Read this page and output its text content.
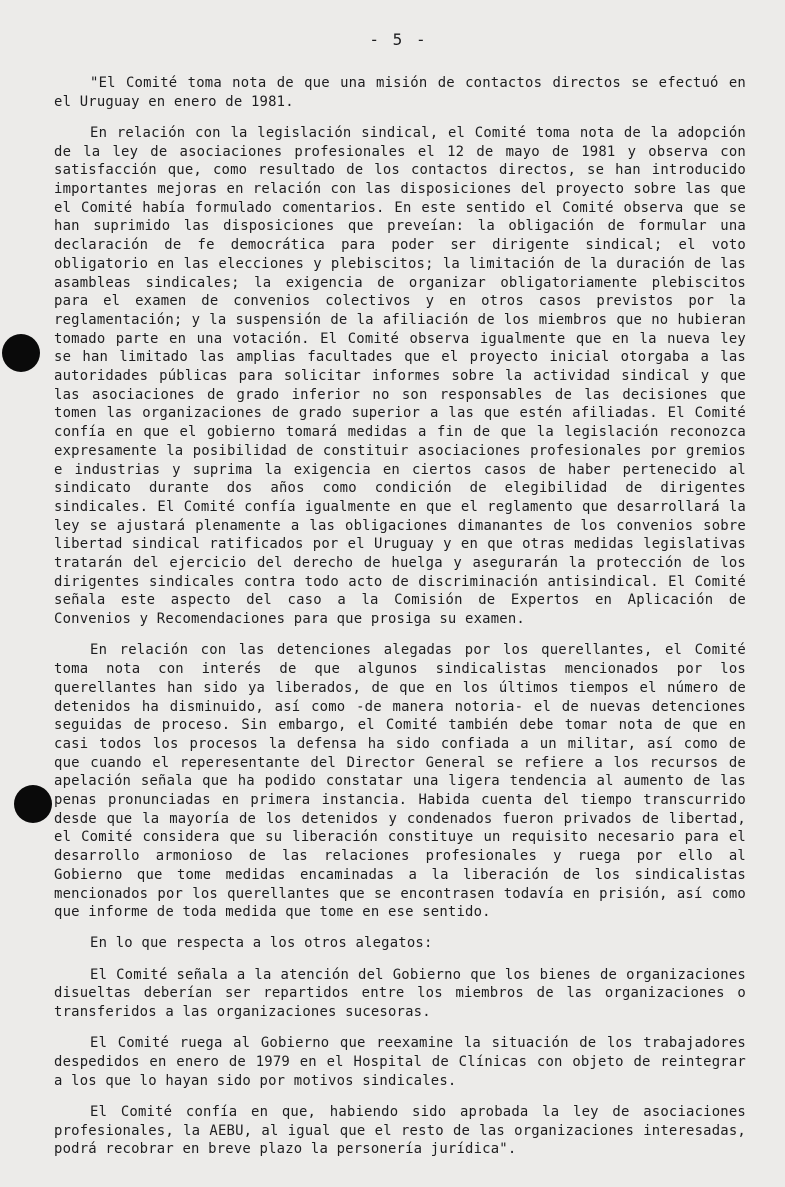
- 5 -

"El Comité toma nota de que una misión de contactos directos se efectuó en el Uruguay en enero de 1981.

En relación con la legislación sindical, el Comité toma nota de la adopción de la ley de asociaciones profesionales el 12 de mayo de 1981 y observa con satisfacción que, como resultado de los contactos directos, se han introducido importantes mejoras en relación con las disposiciones del proyecto sobre las que el Comité había formulado comentarios. En este sentido el Comité observa que se han suprimido las disposiciones que preveían: la obligación de formular una declaración de fe democrática para poder ser dirigente sindical; el voto obligatorio en las elecciones y plebiscitos; la limitación de la duración de las asambleas sindicales; la exigencia de organizar obligatoriamente plebiscitos para el examen de convenios colectivos y en otros casos previstos por la reglamentación; y la suspensión de la afiliación de los miembros que no hubieran tomado parte en una votación. El Comité observa igualmente que en la nueva ley se han limitado las amplias facultades que el proyecto inicial otorgaba a las autoridades públicas para solicitar informes sobre la actividad sindical y que las asociaciones de grado inferior no son responsables de las decisiones que tomen las organizaciones de grado superior a las que estén afiliadas. El Comité confía en que el gobierno tomará medidas a fin de que la legislación reconozca expresamente la posibilidad de constituir asociaciones profesionales por gremios e industrias y suprima la exigencia en ciertos casos de haber pertenecido al sindicato durante dos años como condición de elegibilidad de dirigentes sindicales. El Comité confía igualmente en que el reglamento que desarrollará la ley se ajustará plenamente a las obligaciones dimanantes de los convenios sobre libertad sindical ratificados por el Uruguay y en que otras medidas legislativas tratarán del ejercicio del derecho de huelga y asegurarán la protección de los dirigentes sindicales contra todo acto de discriminación antisindical. El Comité señala este aspecto del caso a la Comisión de Expertos en Aplicación de Convenios y Recomendaciones para que prosiga su examen.

En relación con las detenciones alegadas por los querellantes, el Comité toma nota con interés de que algunos sindicalistas mencionados por los querellantes han sido ya liberados, de que en los últimos tiempos el número de detenidos ha disminuido, así como -de manera notoria- el de nuevas detenciones seguidas de proceso. Sin embargo, el Comité también debe tomar nota de que en casi todos los procesos la defensa ha sido confiada a un militar, así como de que cuando el reperesentante del Director General se refiere a los recursos de apelación señala que ha podido constatar una ligera tendencia al aumento de las penas pronunciadas en primera instancia. Habida cuenta del tiempo transcurrido desde que la mayoría de los detenidos y condenados fueron privados de libertad, el Comité considera que su liberación constituye un requisito necesario para el desarrollo armonioso de las relaciones profesionales y ruega por ello al Gobierno que tome medidas encaminadas a la liberación de los sindicalistas mencionados por los querellantes que se encontrasen todavía en prisión, así como que informe de toda medida que tome en ese sentido.

En lo que respecta a los otros alegatos:

El Comité señala a la atención del Gobierno que los bienes de organizaciones disueltas deberían ser repartidos entre los miembros de las organizaciones o transferidos a las organizaciones sucesoras.

El Comité ruega al Gobierno que reexamine la situación de los trabajadores despedidos en enero de 1979 en el Hospital de Clínicas con objeto de reintegrar a los que lo hayan sido por motivos sindicales.

El Comité confía en que, habiendo sido aprobada la ley de asociaciones profesionales, la AEBU, al igual que el resto de las organizaciones interesadas, podrá recobrar en breve plazo la personería jurídica".
